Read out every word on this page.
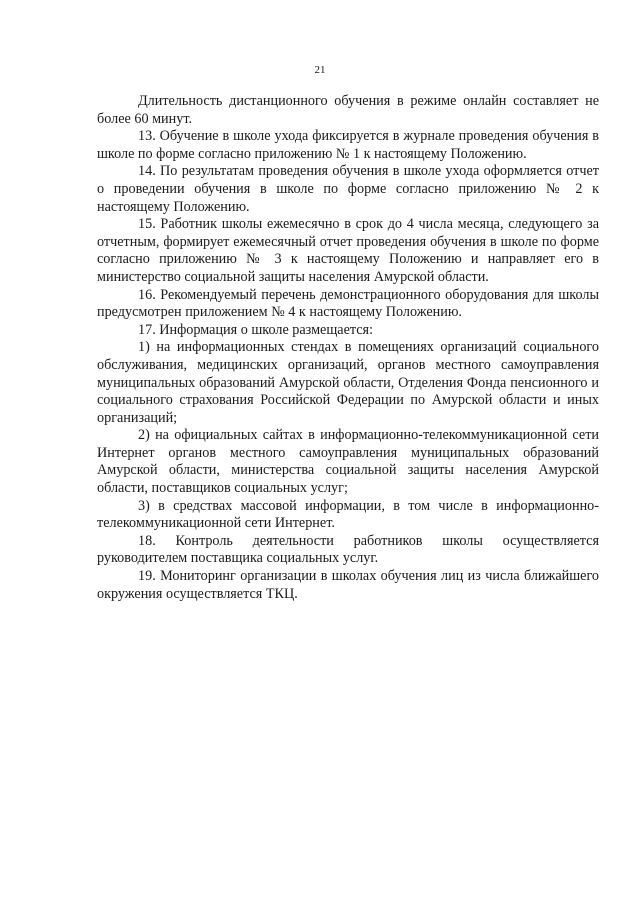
21

Длительность дистанционного обучения в режиме онлайн составляет не более 60 минут.

13. Обучение в школе ухода фиксируется в журнале проведения обучения в школе по форме согласно приложению № 1 к настоящему Положению.

14. По результатам проведения обучения в школе ухода оформляется отчет о проведении обучения в школе по форме согласно приложению № 2 к настоящему Положению.

15. Работник школы ежемесячно в срок до 4 числа месяца, следующего за отчетным, формирует ежемесячный отчет проведения обучения в школе по форме согласно приложению № 3 к настоящему Положению и направляет его в министерство социальной защиты населения Амурской области.

16. Рекомендуемый перечень демонстрационного оборудования для школы предусмотрен приложением № 4 к настоящему Положению.

17. Информация о школе размещается:

1) на информационных стендах в помещениях организаций социального обслуживания, медицинских организаций, органов местного самоуправления муниципальных образований Амурской области, Отделения Фонда пенсионного и социального страхования Российской Федерации по Амурской области и иных организаций;

2) на официальных сайтах в информационно-телекоммуникационной сети Интернет органов местного самоуправления муниципальных образований Амурской области, министерства социальной защиты населения Амурской области, поставщиков социальных услуг;

3) в средствах массовой информации, в том числе в информационно-телекоммуникационной сети Интернет.

18. Контроль деятельности работников школы осуществляется руководителем поставщика социальных услуг.

19. Мониторинг организации в школах обучения лиц из числа ближайшего окружения осуществляется ТКЦ.
